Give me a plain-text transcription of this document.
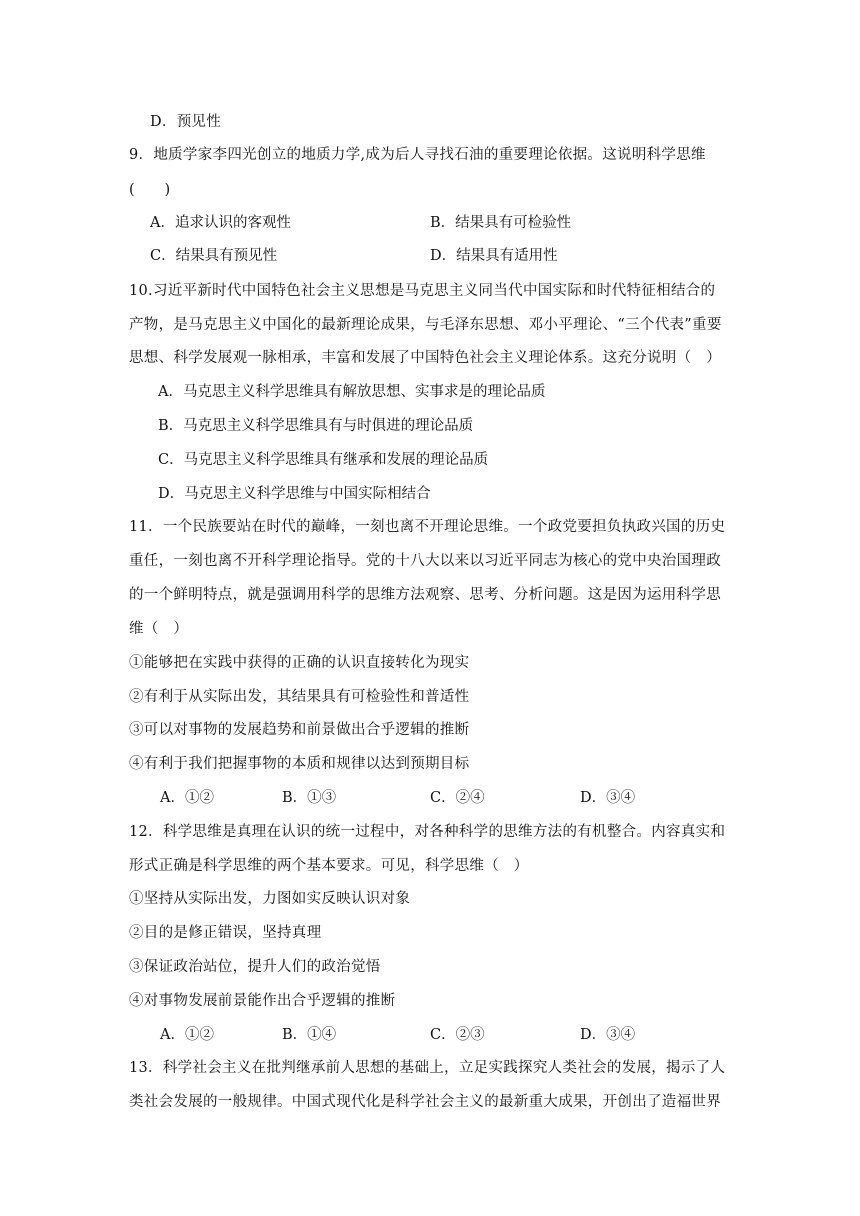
D．预见性
9．地质学家李四光创立的地质力学,成为后人寻找石油的重要理论依据。这说明科学思维
(　　)
A．追求认识的客观性	B．结果具有可检验性
C．结果具有预见性	D．结果具有适用性
10.习近平新时代中国特色社会主义思想是马克思主义同当代中国实际和时代特征相结合的
产物，是马克思主义中国化的最新理论成果，与毛泽东思想、邓小平理论、“三个代表”重要
思想、科学发展观一脉相承，丰富和发展了中国特色社会主义理论体系。这充分说明（　）
A．马克思主义科学思维具有解放思想、实事求是的理论品质
B．马克思主义科学思维具有与时俱进的理论品质
C．马克思主义科学思维具有继承和发展的理论品质
D．马克思主义科学思维与中国实际相结合
11．一个民族要站在时代的巅峰，一刻也离不开理论思维。一个政党要担负执政兴国的历史
重任，一刻也离不开科学理论指导。党的十八大以来以习近平同志为核心的党中央治国理政
的一个鲜明特点，就是强调用科学的思维方法观察、思考、分析问题。这是因为运用科学思
维（　）
①能够把在实践中获得的正确的认识直接转化为现实
②有利于从实际出发，其结果具有可检验性和普适性
③可以对事物的发展趋势和前景做出合乎逻辑的推断
④有利于我们把握事物的本质和规律以达到预期目标
A．①②	B．①③	C．②④	D．③④
12．科学思维是真理在认识的统一过程中，对各种科学的思维方法的有机整合。内容真实和
形式正确是科学思维的两个基本要求。可见，科学思维（　）
①坚持从实际出发，力图如实反映认识对象
②目的是修正错误，坚持真理
③保证政治站位，提升人们的政治觉悟
④对事物发展前景能作出合乎逻辑的推断
A．①②	B．①④	C．②③	D．③④
13．科学社会主义在批判继承前人思想的基础上，立足实践探究人类社会的发展，揭示了人
类社会发展的一般规律。中国式现代化是科学社会主义的最新重大成果，开创出了造福世界
